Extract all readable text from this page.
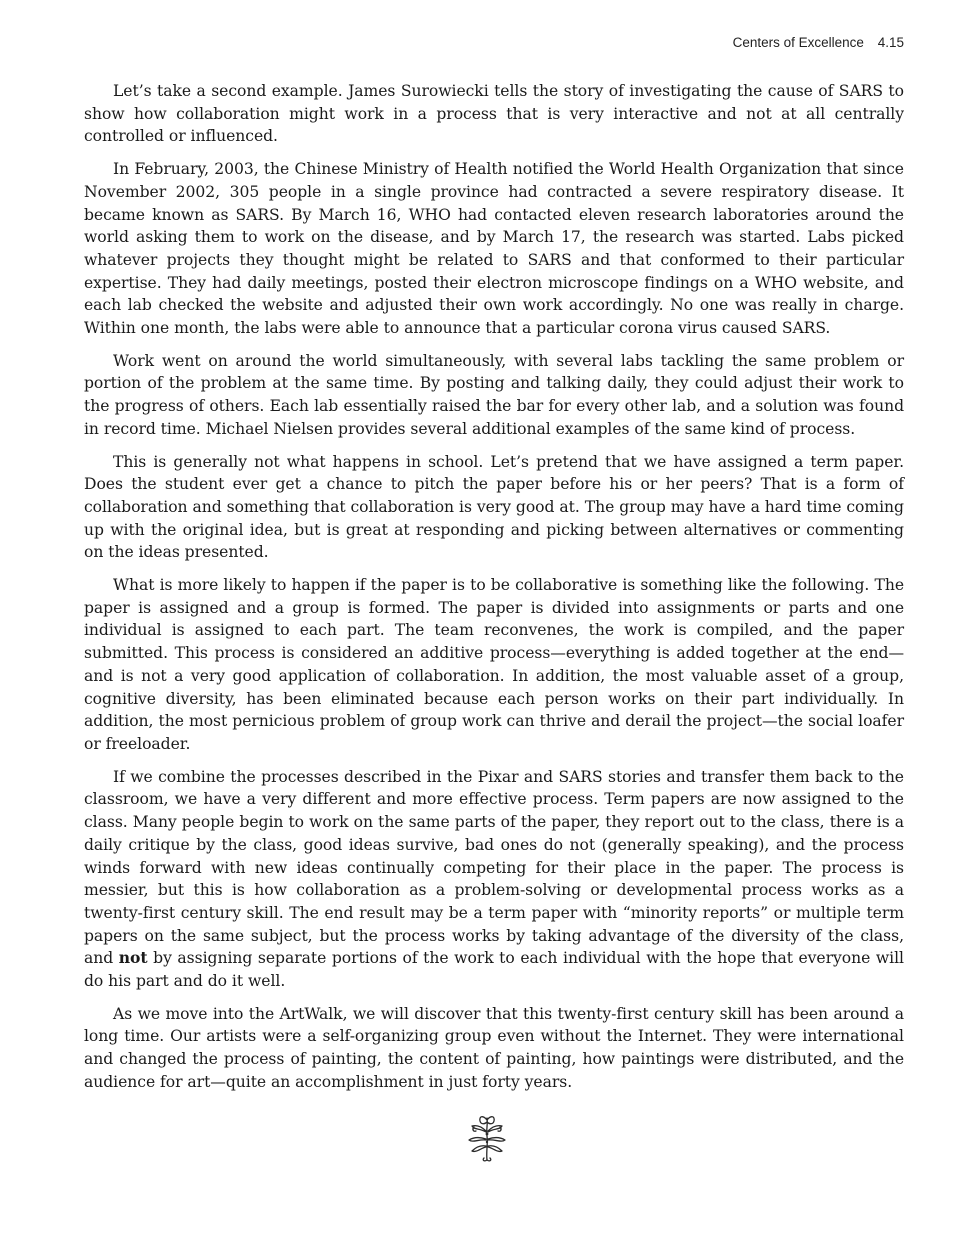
Centers of Excellence 4.15

Let’s take a second example. James Surowiecki tells the story of investigating the cause of SARS to show how collaboration might work in a process that is very interactive and not at all centrally controlled or influenced.

In February, 2003, the Chinese Ministry of Health notified the World Health Organization that since November 2002, 305 people in a single province had contracted a severe respiratory disease. It became known as SARS. By March 16, WHO had contacted eleven research laboratories around the world asking them to work on the disease, and by March 17, the research was started. Labs picked whatever projects they thought might be related to SARS and that conformed to their particular expertise. They had daily meetings, posted their electron microscope findings on a WHO website, and each lab checked the website and adjusted their own work accordingly. No one was really in charge. Within one month, the labs were able to announce that a particular corona virus caused SARS.

Work went on around the world simultaneously, with several labs tackling the same problem or portion of the problem at the same time. By posting and talking daily, they could adjust their work to the progress of others. Each lab essentially raised the bar for every other lab, and a solution was found in record time. Michael Nielsen provides several additional examples of the same kind of process.

This is generally not what happens in school. Let’s pretend that we have assigned a term paper. Does the student ever get a chance to pitch the paper before his or her peers? That is a form of collaboration and something that collaboration is very good at. The group may have a hard time coming up with the original idea, but is great at responding and picking between alternatives or commenting on the ideas presented.

What is more likely to happen if the paper is to be collaborative is something like the following. The paper is assigned and a group is formed. The paper is divided into assignments or parts and one individual is assigned to each part. The team reconvenes, the work is compiled, and the paper submitted. This process is considered an additive process—everything is added together at the end—and is not a very good application of collaboration. In addition, the most valuable asset of a group, cognitive diversity, has been eliminated because each person works on their part individually. In addition, the most pernicious problem of group work can thrive and derail the project—the social loafer or freeloader.

If we combine the processes described in the Pixar and SARS stories and transfer them back to the classroom, we have a very different and more effective process. Term papers are now assigned to the class. Many people begin to work on the same parts of the paper, they report out to the class, there is a daily critique by the class, good ideas survive, bad ones do not (generally speaking), and the process winds forward with new ideas continually competing for their place in the paper. The process is messier, but this is how collaboration as a problem-solving or developmental process works as a twenty-first century skill. The end result may be a term paper with “minority reports” or multiple term papers on the same subject, but the process works by taking advantage of the diversity of the class, and not by assigning separate portions of the work to each individual with the hope that everyone will do his part and do it well.

As we move into the ArtWalk, we will discover that this twenty-first century skill has been around a long time. Our artists were a self-organizing group even without the Internet. They were international and changed the process of painting, the content of painting, how paintings were distributed, and the audience for art—quite an accomplishment in just forty years.
